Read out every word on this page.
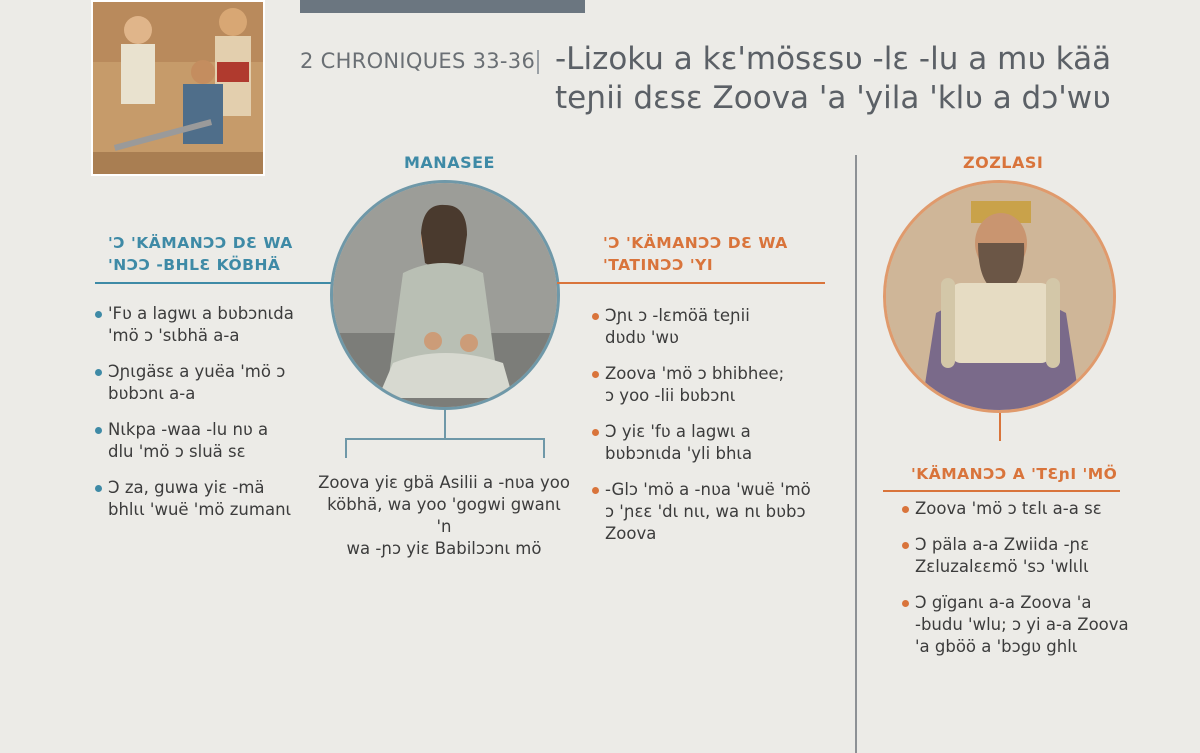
2 CHRONIQUES 33-36 -Lizoku a kɛ'mösɛsʋ -lɛ -lu a mʋ kää
teɲii dɛsɛ Zoova 'a 'yila 'klʋ a dɔ'wʋ
MANASEE
'Ɔ 'KÄMANƆƆ DƐ WA
'NƆƆ -BHLƐ KÖBHÄ
'Fʋ a lagwɩ a bʋbɔnɩda
'mö ɔ 'sɩbhä a-a
Ɔɲɩgäsɛ a yuëa 'mö ɔ
bʋbɔnɩ a-a
Nɩkpa -waa -lu nʋ a
dlu 'mö ɔ sluä sɛ
Ɔ za, guwa yiɛ -mä
bhlɩɩ 'wuë 'mö zumanɩ
Zoova yiɛ gbä Asilii a -nʋa yoo
köbhä, wa yoo 'gogwi gwanɩ 'n
wa -ɲɔ yiɛ Babilɔɔnɩ mö
'Ɔ 'KÄMANƆƆ DƐ WA
'TATINƆƆ 'YI
Ɔɲɩ ɔ -lɛmöä teɲii
dʋdʋ 'wʋ
Zoova 'mö ɔ bhibhee;
ɔ yoo -lii bʋbɔnɩ
Ɔ yiɛ 'fʋ a lagwɩ a
bʋbɔnɩda 'yli bhɩa
-Glɔ 'mö a -nʋa 'wuë 'mö
ɔ 'ɲɛɛ 'dɩ nɩɩ, wa nɩ bʋbɔ
Zoova
ZOZLASI
'KÄMANƆƆ A 'TƐɲI 'MÖ
Zoova 'mö ɔ tɛlɩ a-a sɛ
Ɔ päla a-a Zwiida -ɲɛ
Zɛluzalɛɛmö 'sɔ 'wlɩlɩ
Ɔ gïganɩ a-a Zoova 'a
-budu 'wlu; ɔ yi a-a Zoova
'a gböö a 'bɔgʋ ghlɩ
